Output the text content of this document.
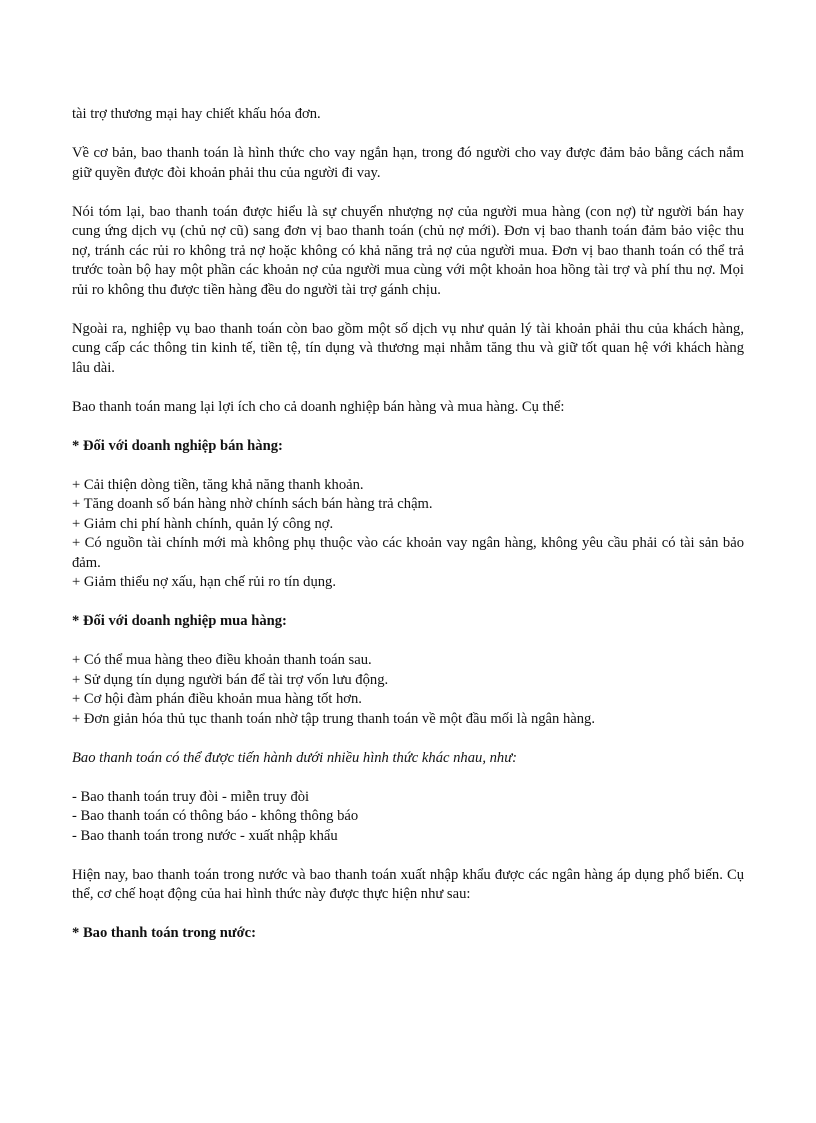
tài trợ thương mại hay chiết khấu hóa đơn.

Về cơ bản, bao thanh toán là hình thức cho vay ngắn hạn, trong đó người cho vay được đảm bảo bằng cách nắm giữ quyền được đòi khoản phải thu của người đi vay.

Nói tóm lại, bao thanh toán được hiểu là sự chuyển nhượng nợ của người mua hàng (con nợ) từ người bán hay cung ứng dịch vụ (chủ nợ cũ) sang đơn vị bao thanh toán (chủ nợ mới). Đơn vị bao thanh toán đảm bảo việc thu nợ, tránh các rủi ro không trả nợ hoặc không có khả năng trả nợ của người mua. Đơn vị bao thanh toán có thể trả trước toàn bộ hay một phần các khoản nợ của người mua cùng với một khoản hoa hồng tài trợ và phí thu nợ. Mọi rủi ro không thu được tiền hàng đều do người tài trợ gánh chịu.

Ngoài ra, nghiệp vụ bao thanh toán còn bao gồm một số dịch vụ như quản lý tài khoản phải thu của khách hàng, cung cấp các thông tin kinh tế, tiền tệ, tín dụng và thương mại nhằm tăng thu và giữ tốt quan hệ với khách hàng lâu dài.

Bao thanh toán mang lại lợi ích cho cả doanh nghiệp bán hàng và mua hàng. Cụ thể:

* Đối với doanh nghiệp bán hàng:
+ Cải thiện dòng tiền, tăng khả năng thanh khoản.
+ Tăng doanh số bán hàng nhờ chính sách bán hàng trả chậm.
+ Giảm chi phí hành chính, quản lý công nợ.
+ Có nguồn tài chính mới mà không phụ thuộc vào các khoản vay ngân hàng, không yêu cầu phải có tài sản bảo đảm.
+ Giảm thiểu nợ xấu, hạn chế rủi ro tín dụng.
* Đối với doanh nghiệp mua hàng:
+ Có thể mua hàng theo điều khoản thanh toán sau.
+ Sử dụng tín dụng người bán để tài trợ vốn lưu động.
+ Cơ hội đàm phán điều khoản mua hàng tốt hơn.
+ Đơn giản hóa thủ tục thanh toán nhờ tập trung thanh toán về một đầu mối là ngân hàng.
Bao thanh toán có thể được tiến hành dưới nhiều hình thức khác nhau, như:
- Bao thanh toán truy đòi - miễn truy đòi
- Bao thanh toán có thông báo - không thông báo
- Bao thanh toán trong nước - xuất nhập khẩu

Hiện nay, bao thanh toán trong nước và bao thanh toán xuất nhập khẩu được các ngân hàng áp dụng phổ biến. Cụ thể, cơ chế hoạt động của hai hình thức này được thực hiện như sau:

* Bao thanh toán trong nước:
